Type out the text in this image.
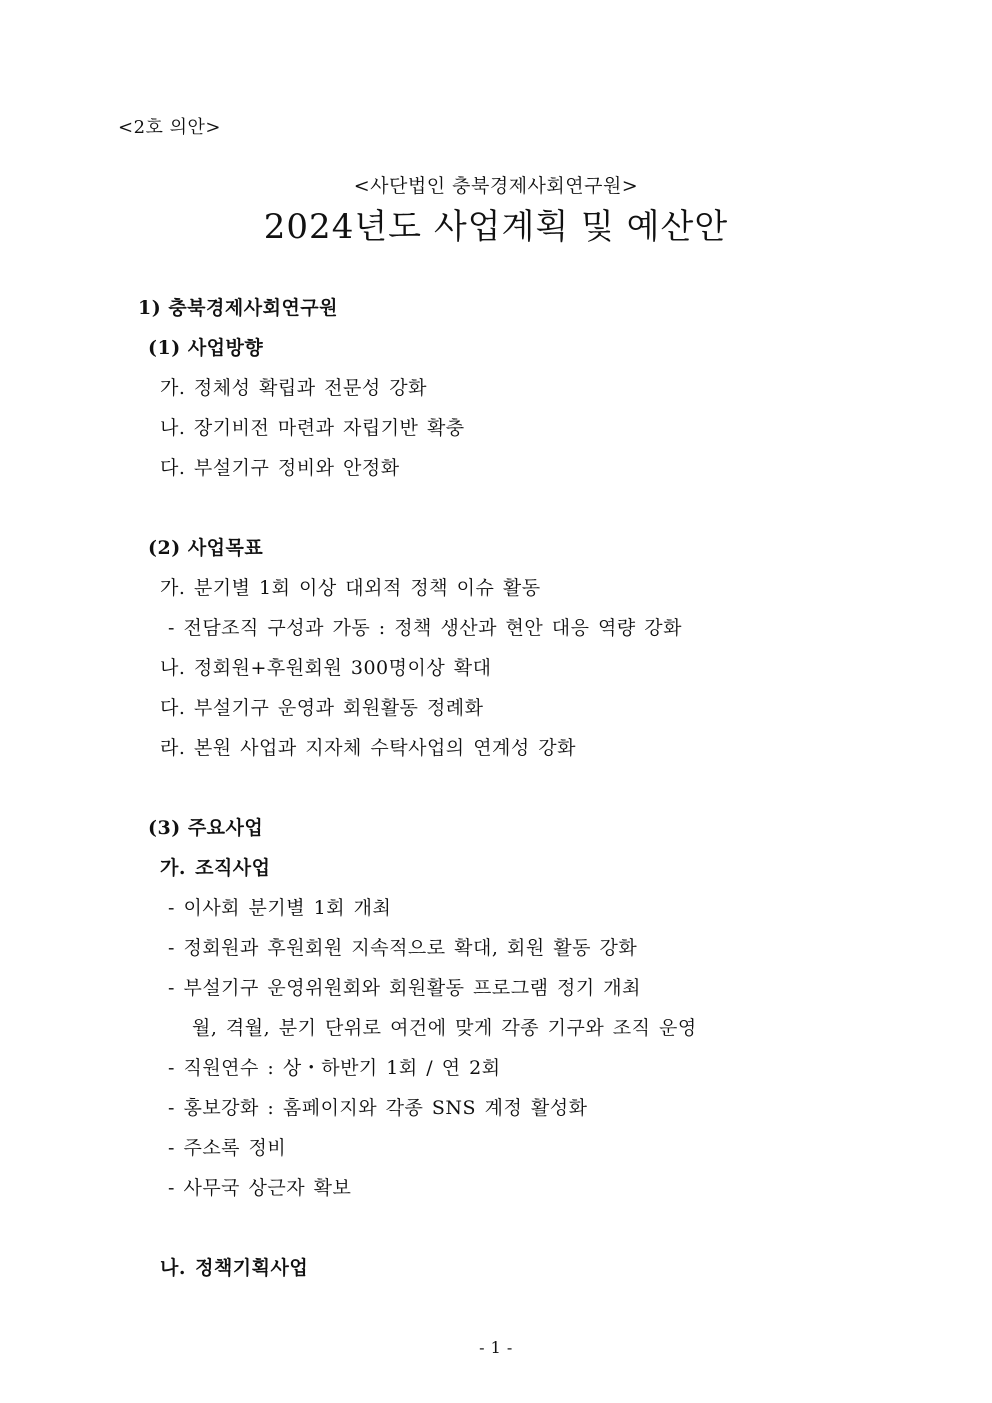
<2호 의안>
<사단법인 충북경제사회연구원>
2024년도 사업계획 및 예산안
1) 충북경제사회연구원
(1) 사업방향
가. 정체성 확립과 전문성 강화
나. 장기비전 마련과 자립기반 확충
다. 부설기구 정비와 안정화
(2) 사업목표
가. 분기별 1회 이상 대외적 정책 이슈 활동
- 전담조직 구성과 가동 : 정책 생산과 현안 대응 역량 강화
나. 정회원+후원회원 300명이상 확대
다. 부설기구 운영과 회원활동 정례화
라. 본원 사업과 지자체 수탁사업의 연계성 강화
(3) 주요사업
가. 조직사업
- 이사회 분기별 1회 개최
- 정회원과 후원회원 지속적으로 확대, 회원 활동 강화
- 부설기구 운영위원회와 회원활동 프로그램 정기 개최
월, 격월, 분기 단위로 여건에 맞게 각종 기구와 조직 운영
- 직원연수 : 상・하반기 1회 / 연 2회
- 홍보강화 : 홈페이지와 각종 SNS 계정 활성화
- 주소록 정비
- 사무국 상근자 확보
나. 정책기획사업
- 1 -
